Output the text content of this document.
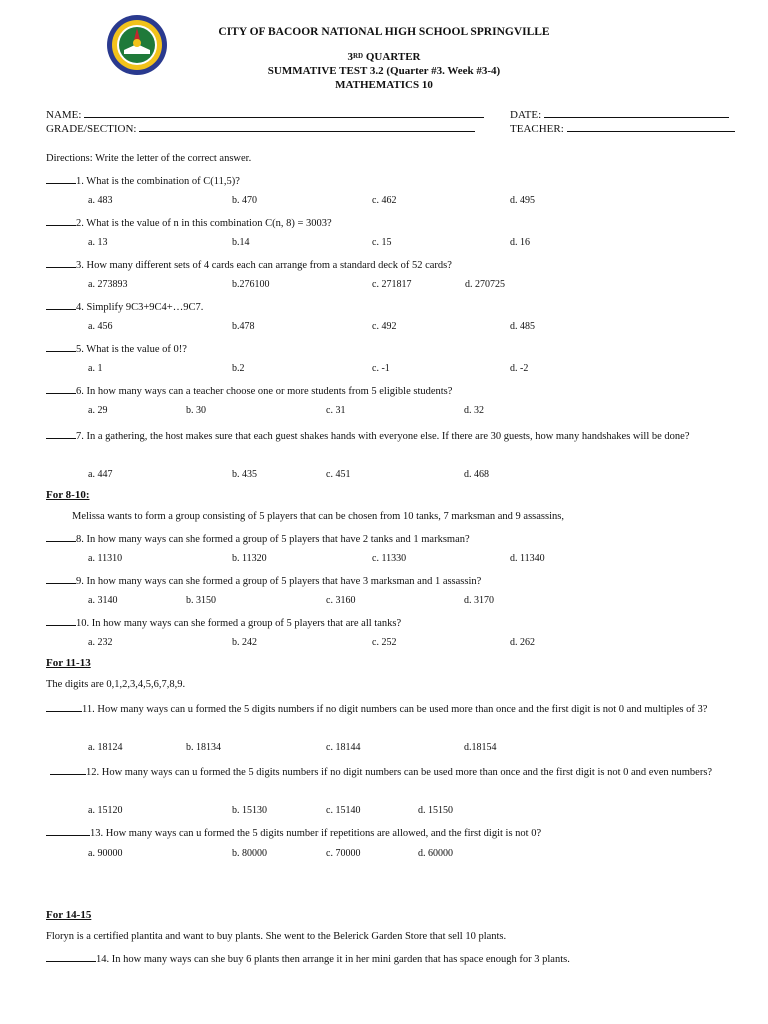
CITY OF BACOOR NATIONAL HIGH SCHOOL SPRINGVILLE
3RD QUARTER
SUMMATIVE TEST 3.2 (Quarter #3. Week #3-4)
MATHEMATICS 10
NAME:	DATE:
GRADE/SECTION:	TEACHER:
Directions: Write the letter of the correct answer.
1. What is the combination of C(11,5)?
a. 483	b. 470	c. 462	d. 495
2. What is the value of n in this combination C(n, 8) = 3003?
a. 13	b.14	c. 15	d. 16
3. How many different sets of 4 cards each can arrange from a standard deck of 52 cards?
a. 273893	b.276100	c. 271817	d. 270725
4. Simplify 9C3+9C4+…9C7.
a. 456	b.478	c. 492	d. 485
5. What is the value of 0!?
a. 1	b.2	c. -1	d. -2
6. In how many ways can a teacher choose one or more students from 5 eligible students?
a. 29	b. 30	c. 31	d. 32
7. In a gathering, the host makes sure that each guest shakes hands with everyone else. If there are 30 guests, how many handshakes will be done?
a. 447	b. 435	c. 451	d. 468
For 8-10:
Melissa wants to form a group consisting of 5 players that can be chosen from 10 tanks, 7 marksman and 9 assassins,
8. In how many ways can she formed a group of 5 players that have 2 tanks and 1 marksman?
a. 11310	b. 11320	c. 11330	d. 11340
9. In how many ways can she formed a group of 5 players that have 3 marksman and 1 assassin?
a. 3140	b. 3150	c. 3160	d. 3170
10. In how many ways can she formed a group of 5 players that are all tanks?
a. 232	b. 242	c. 252	d. 262
For 11-13
The digits are 0,1,2,3,4,5,6,7,8,9.
11. How many ways can u formed the 5 digits numbers if no digit numbers can be used more than once and the first digit is not 0 and multiples of 3?
a. 18124	b. 18134	c. 18144	d.18154
12. How many ways can u formed the 5 digits numbers if no digit numbers can be used more than once and the first digit is not 0 and even numbers?
a. 15120	b. 15130	c. 15140	d. 15150
13. How many ways can u formed the 5 digits number if repetitions are allowed, and the first digit is not 0?
a. 90000	b. 80000	c. 70000	d. 60000
For 14-15
Floryn is a certified plantita and want to buy plants. She went to the Belerick Garden Store that sell 10 plants.
14. In how many ways can she buy 6 plants then arrange it in her mini garden that has space enough for 3 plants.
